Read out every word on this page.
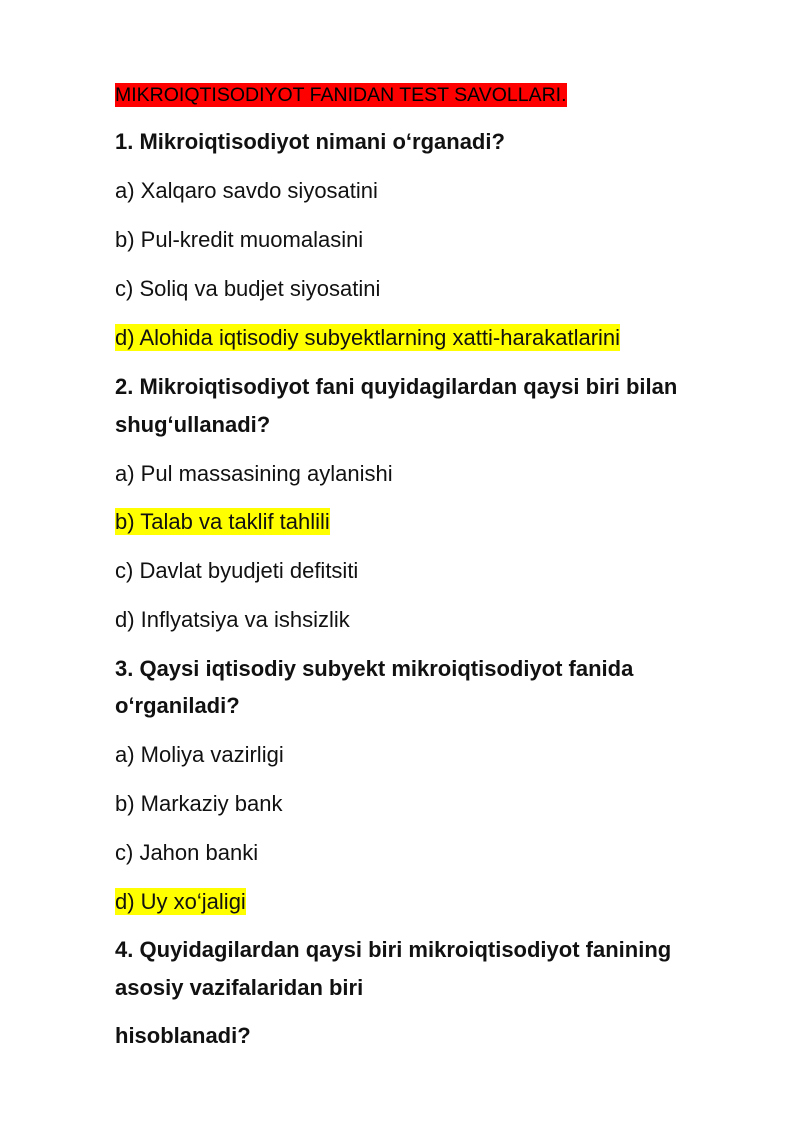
MIKROIQTISODIYOT FANIDAN TEST SAVOLLARI.
1. Mikroiqtisodiyot nimani o‘rganadi?
a) Xalqaro savdo siyosatini
b) Pul-kredit muomalasini
c) Soliq va budjet siyosatini
d) Alohida iqtisodiy subyektlarning xatti-harakatlarini
2. Mikroiqtisodiyot fani quyidagilardan qaysi biri bilan
shug‘ullanadi?
a) Pul massasining aylanishi
b) Talab va taklif tahlili
c) Davlat byudjeti defitsiti
d) Inflyatsiya va ishsizlik
3. Qaysi iqtisodiy subyekt mikroiqtisodiyot fanida
o‘rganiladi?
a) Moliya vazirligi
b) Markaziy bank
c) Jahon banki
d) Uy xo‘jaligi
4. Quyidagilardan qaysi biri mikroiqtisodiyot fanining
asosiy vazifalaridan biri
hisoblanadi?
